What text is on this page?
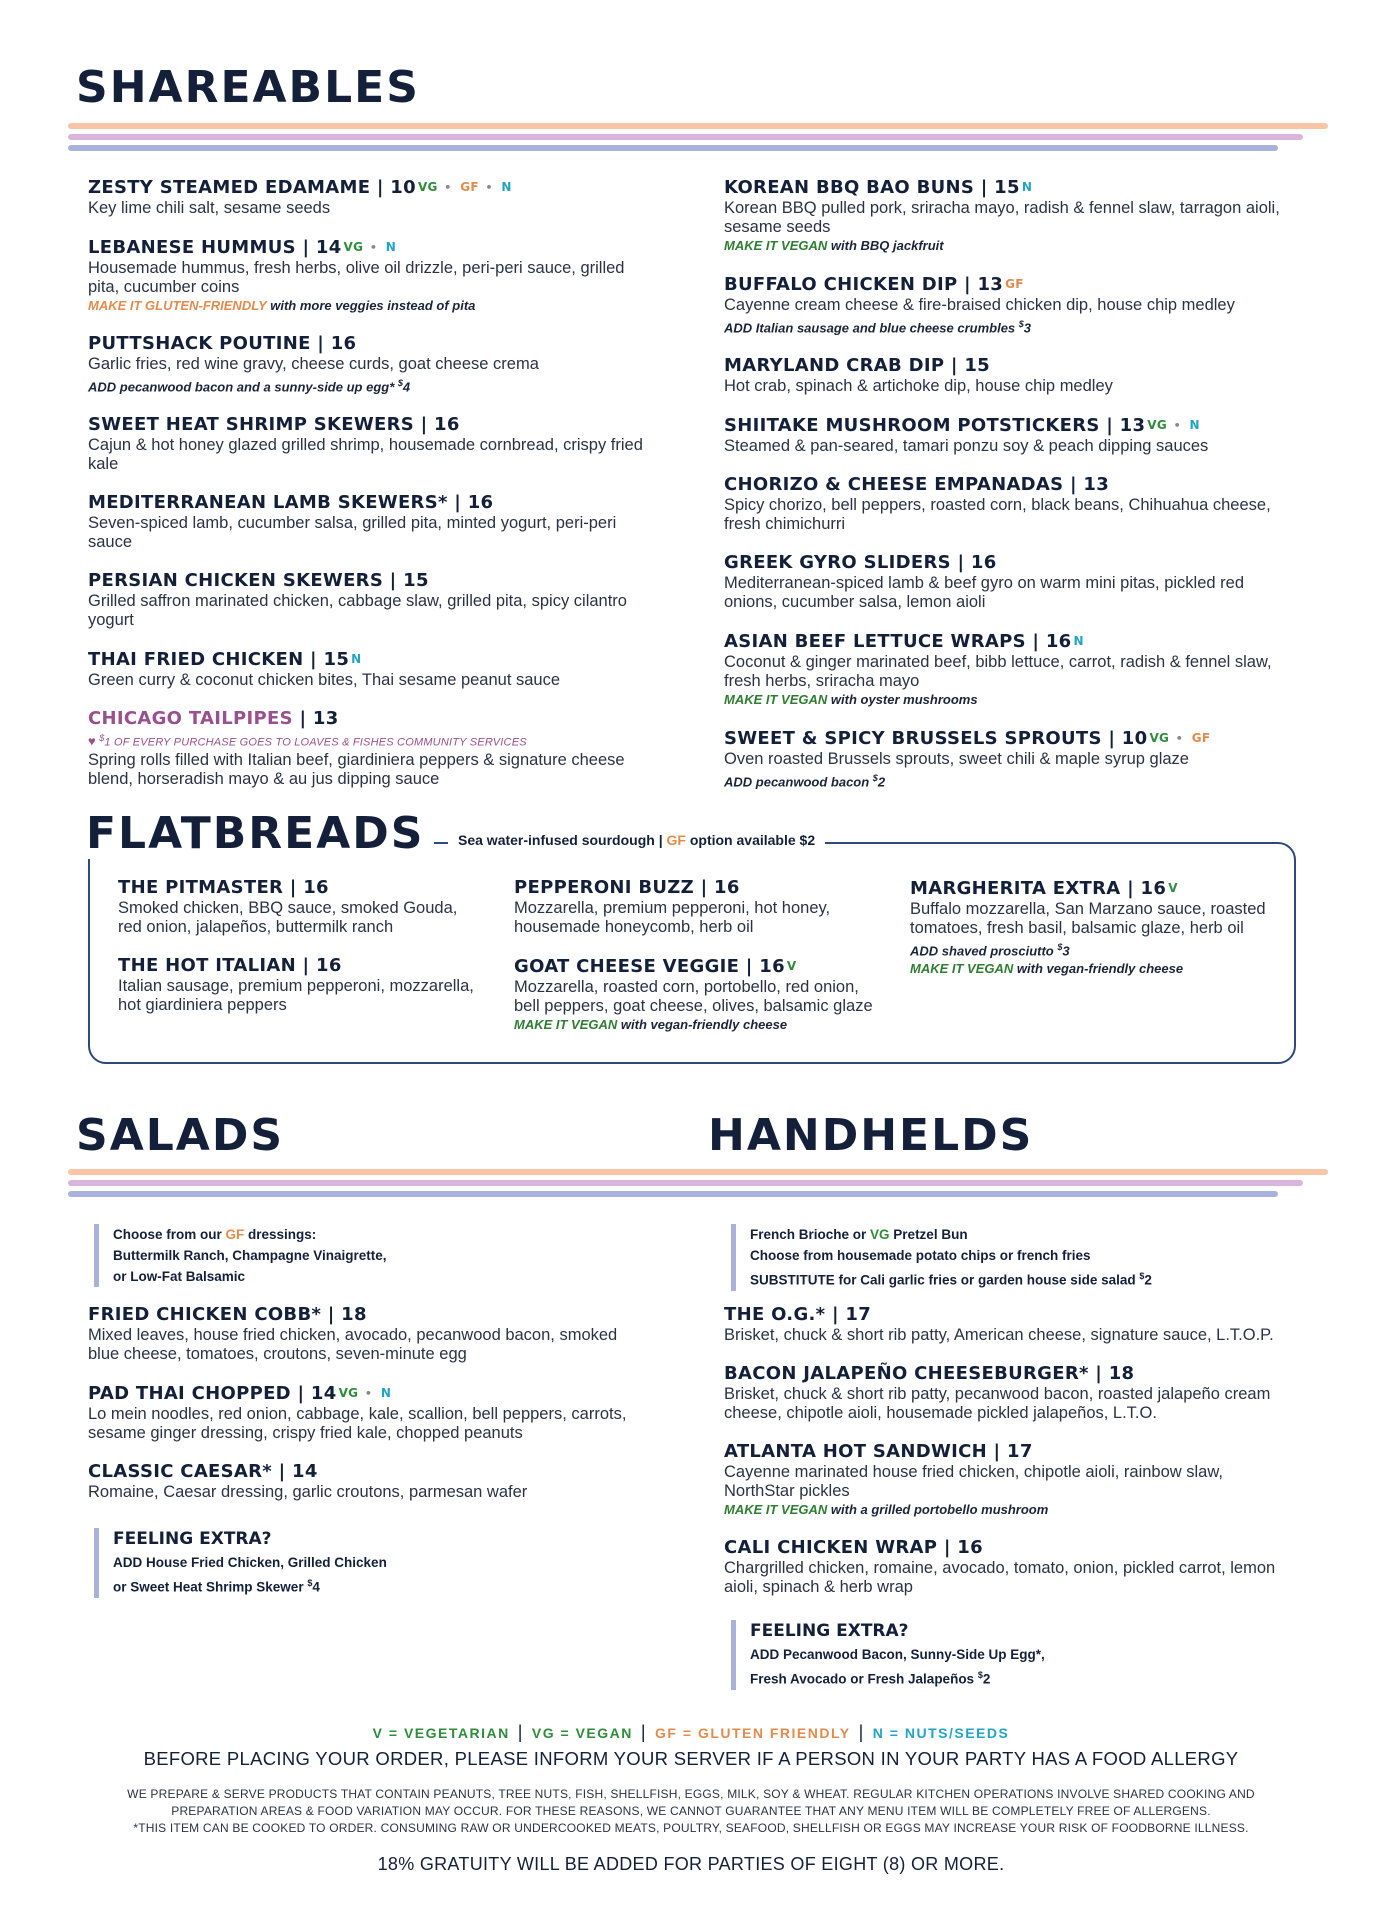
SHAREABLES
ZESTY STEAMED EDAMAME | 10 VG • GF • N
Key lime chili salt, sesame seeds
LEBANESE HUMMUS | 14 VG • N
Housemade hummus, fresh herbs, olive oil drizzle, peri-peri sauce, grilled pita, cucumber coins
MAKE IT GLUTEN-FRIENDLY with more veggies instead of pita
PUTTSHACK POUTINE | 16
Garlic fries, red wine gravy, cheese curds, goat cheese crema
ADD pecanwood bacon and a sunny-side up egg* $4
SWEET HEAT SHRIMP SKEWERS | 16
Cajun & hot honey glazed grilled shrimp, housemade cornbread, crispy fried kale
MEDITERRANEAN LAMB SKEWERS* | 16
Seven-spiced lamb, cucumber salsa, grilled pita, minted yogurt, peri-peri sauce
PERSIAN CHICKEN SKEWERS | 15
Grilled saffron marinated chicken, cabbage slaw, grilled pita, spicy cilantro yogurt
THAI FRIED CHICKEN | 15 N
Green curry & coconut chicken bites, Thai sesame peanut sauce
CHICAGO TAILPIPES | 13
♥ $1 OF EVERY PURCHASE GOES TO LOAVES & FISHES COMMUNITY SERVICES
Spring rolls filled with Italian beef, giardiniera peppers & signature cheese blend, horseradish mayo & au jus dipping sauce
KOREAN BBQ BAO BUNS | 15 N
Korean BBQ pulled pork, sriracha mayo, radish & fennel slaw, tarragon aioli, sesame seeds
MAKE IT VEGAN with BBQ jackfruit
BUFFALO CHICKEN DIP | 13 GF
Cayenne cream cheese & fire-braised chicken dip, house chip medley
ADD Italian sausage and blue cheese crumbles $3
MARYLAND CRAB DIP | 15
Hot crab, spinach & artichoke dip, house chip medley
SHIITAKE MUSHROOM POTSTICKERS | 13 VG • N
Steamed & pan-seared, tamari ponzu soy & peach dipping sauces
CHORIZO & CHEESE EMPANADAS | 13
Spicy chorizo, bell peppers, roasted corn, black beans, Chihuahua cheese, fresh chimichurri
GREEK GYRO SLIDERS | 16
Mediterranean-spiced lamb & beef gyro on warm mini pitas, pickled red onions, cucumber salsa, lemon aioli
ASIAN BEEF LETTUCE WRAPS | 16 N
Coconut & ginger marinated beef, bibb lettuce, carrot, radish & fennel slaw, fresh herbs, sriracha mayo
MAKE IT VEGAN with oyster mushrooms
SWEET & SPICY BRUSSELS SPROUTS | 10 VG • GF
Oven roasted Brussels sprouts, sweet chili & maple syrup glaze
ADD pecanwood bacon $2
FLATBREADS	Sea water-infused sourdough | GF option available $2
THE PITMASTER | 16
Smoked chicken, BBQ sauce, smoked Gouda, red onion, jalapeños, buttermilk ranch
THE HOT ITALIAN | 16
Italian sausage, premium pepperoni, mozzarella, hot giardiniera peppers
PEPPERONI BUZZ | 16
Mozzarella, premium pepperoni, hot honey, housemade honeycomb, herb oil
GOAT CHEESE VEGGIE | 16 V
Mozzarella, roasted corn, portobello, red onion, bell peppers, goat cheese, olives, balsamic glaze
MAKE IT VEGAN with vegan-friendly cheese
MARGHERITA EXTRA | 16 V
Buffalo mozzarella, San Marzano sauce, roasted tomatoes, fresh basil, balsamic glaze, herb oil
ADD shaved prosciutto $3
MAKE IT VEGAN with vegan-friendly cheese
SALADS	HANDHELDS
Choose from our GF dressings:
Buttermilk Ranch, Champagne Vinaigrette,
or Low-Fat Balsamic
FRIED CHICKEN COBB* | 18
Mixed leaves, house fried chicken, avocado, pecanwood bacon, smoked blue cheese, tomatoes, croutons, seven-minute egg
PAD THAI CHOPPED | 14 VG • N
Lo mein noodles, red onion, cabbage, kale, scallion, bell peppers, carrots, sesame ginger dressing, crispy fried kale, chopped peanuts
CLASSIC CAESAR* | 14
Romaine, Caesar dressing, garlic croutons, parmesan wafer
FEELING EXTRA?
ADD House Fried Chicken, Grilled Chicken
or Sweet Heat Shrimp Skewer $4
French Brioche or VG Pretzel Bun
Choose from housemade potato chips or french fries
SUBSTITUTE for Cali garlic fries or garden house side salad $2
THE O.G.* | 17
Brisket, chuck & short rib patty, American cheese, signature sauce, L.T.O.P.
BACON JALAPEÑO CHEESEBURGER* | 18
Brisket, chuck & short rib patty, pecanwood bacon, roasted jalapeño cream cheese, chipotle aioli, housemade pickled jalapeños, L.T.O.
ATLANTA HOT SANDWICH | 17
Cayenne marinated house fried chicken, chipotle aioli, rainbow slaw, NorthStar pickles
MAKE IT VEGAN with a grilled portobello mushroom
CALI CHICKEN WRAP | 16
Chargrilled chicken, romaine, avocado, tomato, onion, pickled carrot, lemon aioli, spinach & herb wrap
FEELING EXTRA?
ADD Pecanwood Bacon, Sunny-Side Up Egg*,
Fresh Avocado or Fresh Jalapeños $2
V = VEGETARIAN | VG = VEGAN | GF = GLUTEN FRIENDLY | N = NUTS/SEEDS
BEFORE PLACING YOUR ORDER, PLEASE INFORM YOUR SERVER IF A PERSON IN YOUR PARTY HAS A FOOD ALLERGY
WE PREPARE & SERVE PRODUCTS THAT CONTAIN PEANUTS, TREE NUTS, FISH, SHELLFISH, EGGS, MILK, SOY & WHEAT. REGULAR KITCHEN OPERATIONS INVOLVE SHARED COOKING AND
PREPARATION AREAS & FOOD VARIATION MAY OCCUR. FOR THESE REASONS, WE CANNOT GUARANTEE THAT ANY MENU ITEM WILL BE COMPLETELY FREE OF ALLERGENS.
*THIS ITEM CAN BE COOKED TO ORDER. CONSUMING RAW OR UNDERCOOKED MEATS, POULTRY, SEAFOOD, SHELLFISH OR EGGS MAY INCREASE YOUR RISK OF FOODBORNE ILLNESS.
18% GRATUITY WILL BE ADDED FOR PARTIES OF EIGHT (8) OR MORE.
